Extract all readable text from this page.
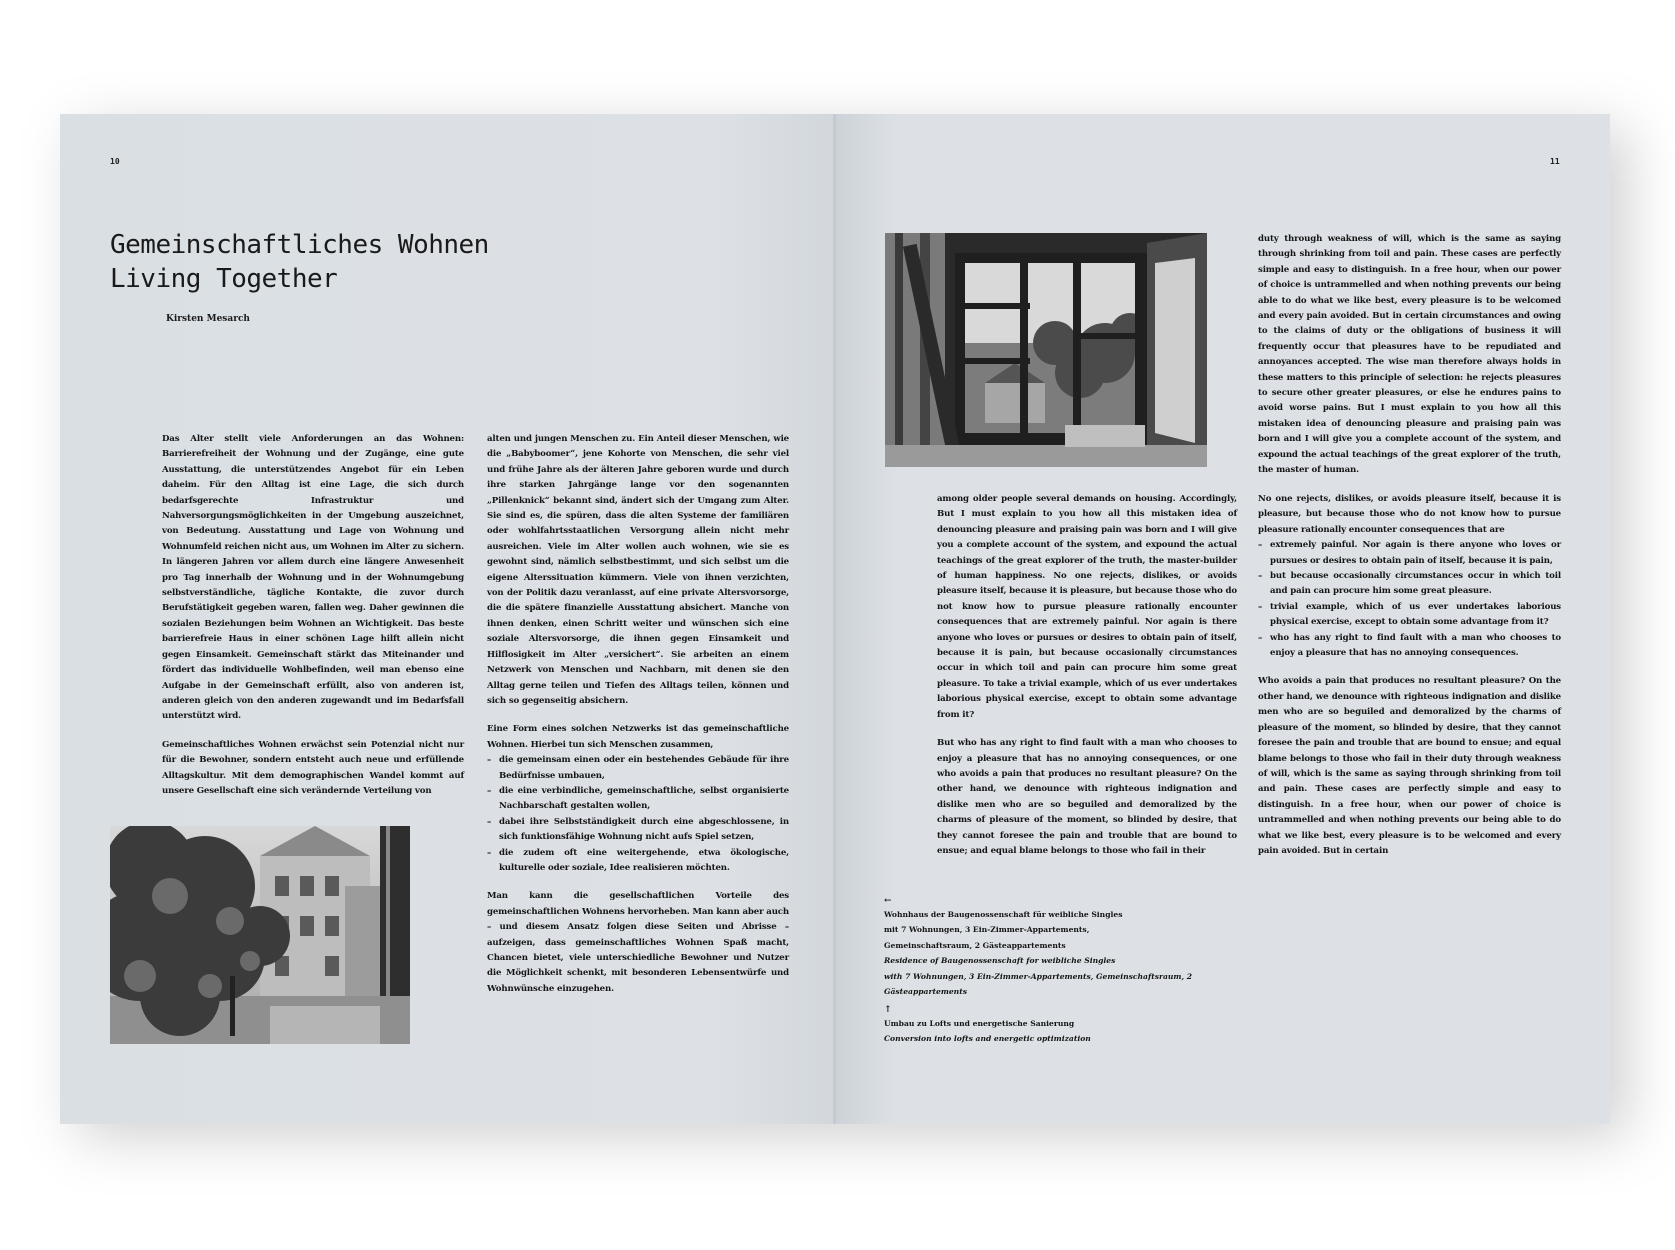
10	11
Gemeinschaftliches Wohnen
Living Together
Kirsten Mesarch

Das Alter stellt viele Anforderungen an das Wohnen: Barrierefreiheit der Wohnung und der Zugänge, eine gute Ausstattung, die unterstützendes Angebot für ein Leben daheim. Für den Alltag ist eine Lage, die sich durch bedarfsgerechte Infrastruktur und Nahversorgungsmöglichkeiten in der Umgebung auszeichnet, von Bedeutung. Ausstattung und Lage von Wohnung und Wohnumfeld reichen nicht aus, um Wohnen im Alter zu sichern. In längeren Jahren vor allem durch eine längere Anwesenheit pro Tag innerhalb der Wohnung und in der Wohnumgebung selbstverständliche, tägliche Kontakte, die zuvor durch Berufstätigkeit gegeben waren, fallen weg. Daher gewinnen die sozialen Beziehungen beim Wohnen an Wichtigkeit. Das beste barrierefreie Haus in einer schönen Lage hilft allein nicht gegen Einsamkeit. Gemeinschaft stärkt das Miteinander und fördert das individuelle Wohlbefinden, weil man ebenso eine Aufgabe in der Gemeinschaft erfüllt, also von anderen ist, anderen gleich von den anderen zugewandt und im Bedarfsfall unterstützt wird.

Gemeinschaftliches Wohnen erwächst sein Potenzial nicht nur für die Bewohner, sondern entsteht auch neue und erfüllende Alltagskultur. Mit dem demographischen Wandel kommt auf unsere Gesellschaft eine sich verändernde Verteilung von

alten und jungen Menschen zu. Ein Anteil dieser Menschen, wie die „Babyboomer“, jene Kohorte von Menschen, die sehr viel und frühe Jahre als der älteren Jahre geboren wurde und durch ihre starken Jahrgänge lange vor den sogenannten „Pillenknick“ bekannt sind, ändert sich der Umgang zum Alter. Sie sind es, die spüren, dass die alten Systeme der familiären oder wohlfahrtsstaatlichen Versorgung allein nicht mehr ausreichen. Viele im Alter wollen auch wohnen, wie sie es gewohnt sind, nämlich selbstbestimmt, und sich selbst um die eigene Alterssituation kümmern. Viele von ihnen verzichten, von der Politik dazu veranlasst, auf eine private Altersvorsorge, die die spätere finanzielle Ausstattung absichert. Manche von ihnen denken, einen Schritt weiter und wünschen sich eine soziale Altersvorsorge, die ihnen gegen Einsamkeit und Hilflosigkeit im Alter „versichert“. Sie arbeiten an einem Netzwerk von Menschen und Nachbarn, mit denen sie den Alltag gerne teilen und Tiefen des Alltags teilen, können und sich so gegenseitig absichern.

Eine Form eines solchen Netzwerks ist das gemeinschaftliche Wohnen. Hierbei tun sich Menschen zusammen,

– die gemeinsam einen oder ein bestehendes Gebäude für ihre Bedürfnisse umbauen,
– die eine verbindliche, gemeinschaftliche, selbst organisierte Nachbarschaft gestalten wollen,
– dabei ihre Selbstständigkeit durch eine abgeschlossene, in sich funktionsfähige Wohnung nicht aufs Spiel setzen,
– die zudem oft eine weitergehende, etwa ökologische, kulturelle oder soziale, Idee realisieren möchten.

Man kann die gesellschaftlichen Vorteile des gemeinschaftlichen Wohnens hervorheben. Man kann aber auch – und diesem Ansatz folgen diese Seiten und Abrisse – aufzeigen, dass gemeinschaftliches Wohnen Spaß macht, Chancen bietet, viele unterschiedliche Bewohner und Nutzer die Möglichkeit schenkt, mit besonderen Lebensentwürfe und Wohnwünsche einzugehen.

duty through weakness of will, which is the same as saying through shrinking from toil and pain. These cases are perfectly simple and easy to distinguish. In a free hour, when our power of choice is untrammelled and when nothing prevents our being able to do what we like best, every pleasure is to be welcomed and every pain avoided. But in certain circumstances and owing to the claims of duty or the obligations of business it will frequently occur that pleasures have to be repudiated and annoyances accepted. The wise man therefore always holds in these matters to this principle of selection: he rejects pleasures to secure other greater pleasures, or else he endures pains to avoid worse pains. But I must explain to you how all this mistaken idea of denouncing pleasure and praising pain was born and I will give you a complete account of the system, and expound the actual teachings of the great explorer of the truth, the master of human.

among older people several demands on housing. Accordingly, But I must explain to you how all this mistaken idea of denouncing pleasure and praising pain was born and I will give you a complete account of the system, and expound the actual teachings of the great explorer of the truth, the master-builder of human happiness. No one rejects, dislikes, or avoids pleasure itself, because it is pleasure, but because those who do not know how to pursue pleasure rationally encounter consequences that are extremely painful. Nor again is there anyone who loves or pursues or desires to obtain pain of itself, because it is pain, but because occasionally circumstances occur in which toil and pain can procure him some great pleasure. To take a trivial example, which of us ever undertakes laborious physical exercise, except to obtain some advantage from it?

But who has any right to find fault with a man who chooses to enjoy a pleasure that has no annoying consequences, or one who avoids a pain that produces no resultant pleasure? On the other hand, we denounce with righteous indignation and dislike men who are so beguiled and demoralized by the charms of pleasure of the moment, so blinded by desire, that they cannot foresee the pain and trouble that are bound to ensue; and equal blame belongs to those who fail in their

No one rejects, dislikes, or avoids pleasure itself, because it is pleasure, but because those who do not know how to pursue pleasure rationally encounter consequences that are

– extremely painful. Nor again is there anyone who loves or pursues or desires to obtain pain of itself, because it is pain,
– but because occasionally circumstances occur in which toil and pain can procure him some great pleasure.
– trivial example, which of us ever undertakes laborious physical exercise, except to obtain some advantage from it?
– who has any right to find fault with a man who chooses to enjoy a pleasure that has no annoying consequences.

Who avoids a pain that produces no resultant pleasure? On the other hand, we denounce with righteous indignation and dislike men who are so beguiled and demoralized by the charms of pleasure of the moment, so blinded by desire, that they cannot foresee the pain and trouble that are bound to ensue; and equal blame belongs to those who fail in their duty through weakness of will, which is the same as saying through shrinking from toil and pain. These cases are perfectly simple and easy to distinguish. In a free hour, when our power of choice is untrammelled and when nothing prevents our being able to do what we like best, every pleasure is to be welcomed and every pain avoided. But in certain

←
Wohnhaus der Baugenossenschaft für weibliche Singles
mit 7 Wohnungen, 3 Ein-Zimmer-Appartements,
Gemeinschaftsraum, 2 Gästeappartements
Residence of Baugenossenschaft for weibliche Singles
with 7 Wohnungen, 3 Ein-Zimmer-Appartements, Gemeinschaftsraum, 2 Gästeappartements
↑
Umbau zu Lofts und energetische Sanierung
Conversion into lofts and energetic optimization
